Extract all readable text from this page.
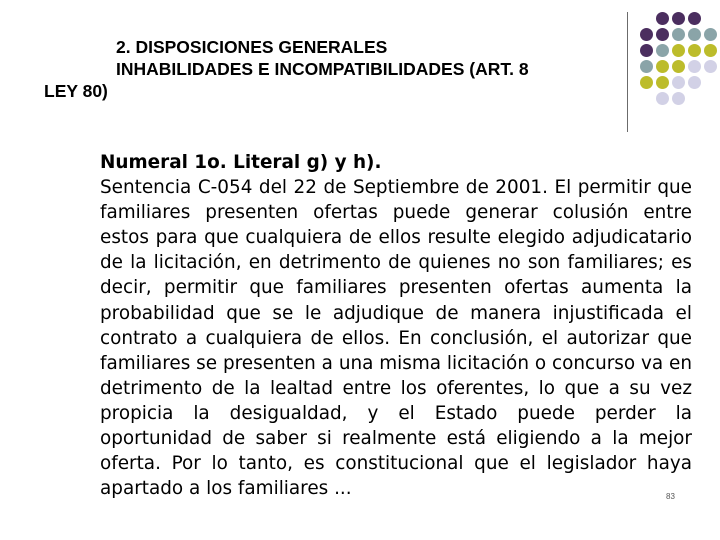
2. DISPOSICIONES GENERALES
INHABILIDADES E INCOMPATIBILIDADES (ART. 8
LEY 80)

Numeral 1o. Literal g) y h).

Sentencia C-054 del 22 de Septiembre de 2001. El permitir que familiares presenten ofertas puede generar colusión entre estos para que cualquiera de ellos resulte elegido adjudicatario de la licitación, en detrimento de quienes no son familiares; es decir, permitir que familiares presenten ofertas aumenta la probabilidad que se le adjudique de manera injustificada el contrato a cualquiera de ellos. En conclusión, el autorizar que familiares se presenten a una misma licitación o concurso va en detrimento de la lealtad entre los oferentes, lo que a su vez propicia la desigualdad, y el Estado puede perder la oportunidad de saber si realmente está eligiendo a la mejor oferta. Por lo tanto, es constitucional que el legislador haya apartado a los familiares ...	83
